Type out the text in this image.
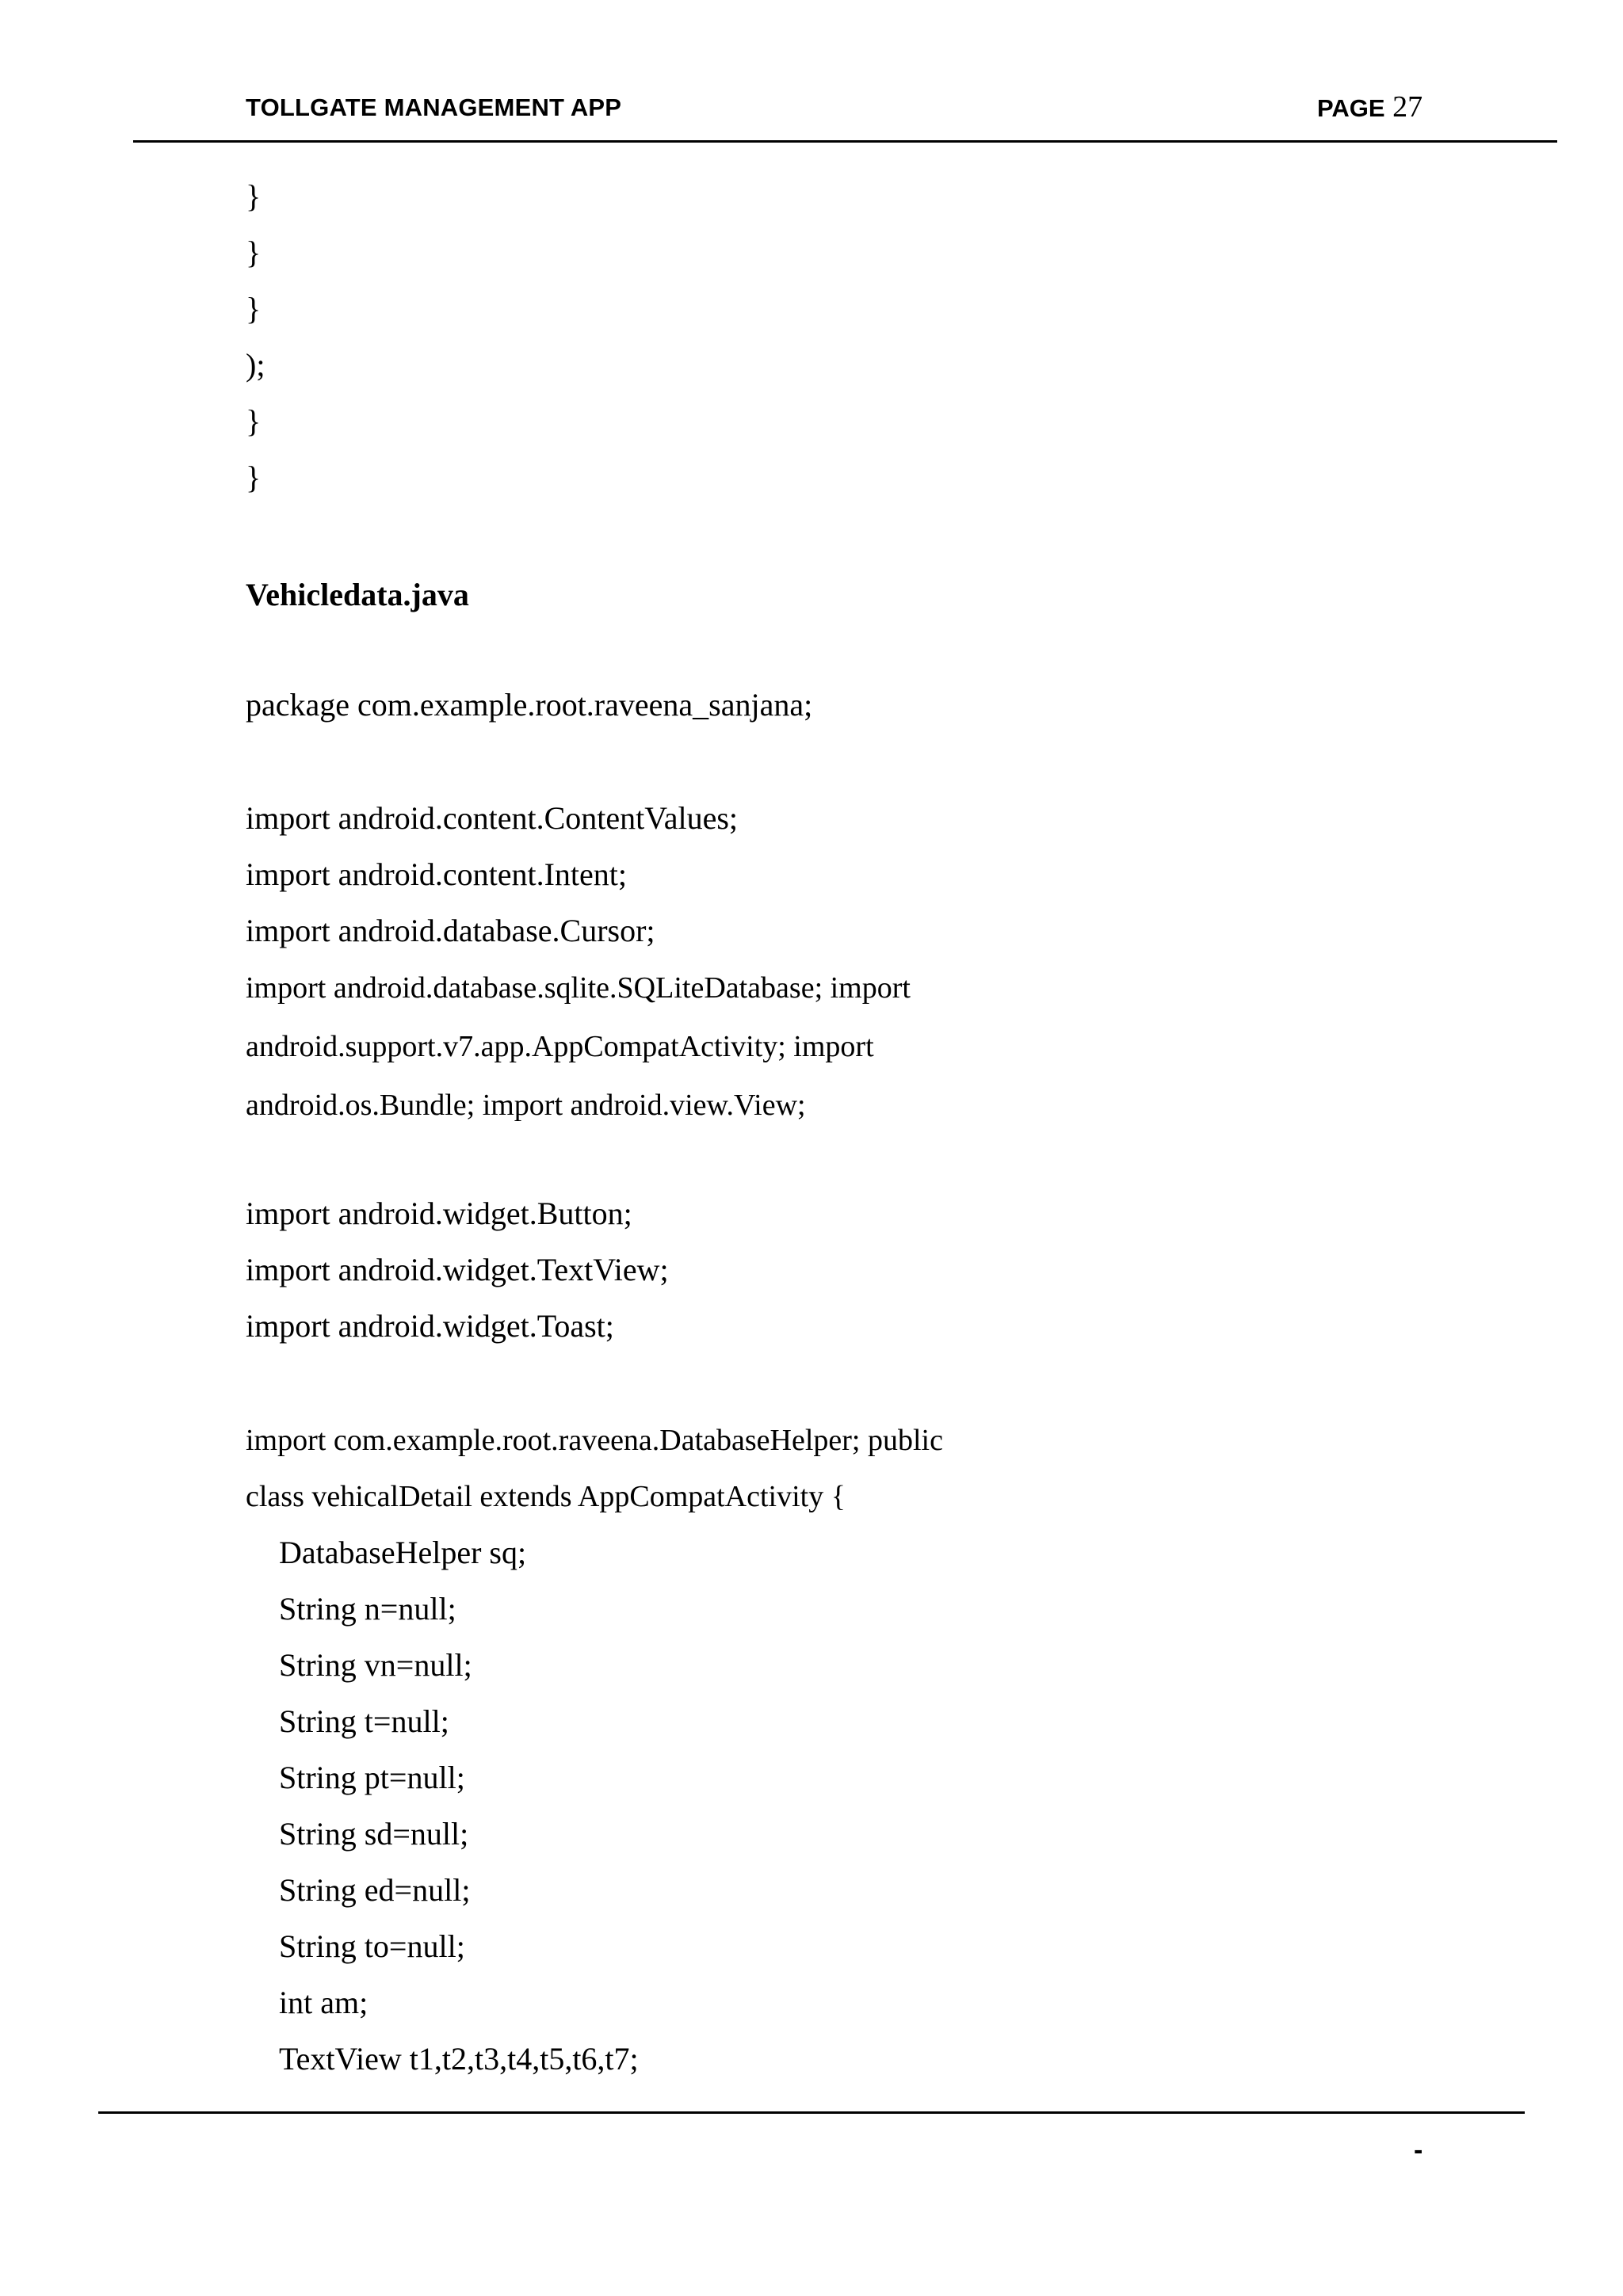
TOLLGATE MANAGEMENT APP	PAGE 27
}
}
}
);
}
}
Vehicledata.java
package com.example.root.raveena_sanjana;
import android.content.ContentValues;
import android.content.Intent;
import android.database.Cursor;
import android.database.sqlite.SQLiteDatabase; import
android.support.v7.app.AppCompatActivity; import
android.os.Bundle; import android.view.View;
import android.widget.Button;
import android.widget.TextView;
import android.widget.Toast;
import com.example.root.raveena.DatabaseHelper; public
class vehicalDetail extends AppCompatActivity {
DatabaseHelper sq;
String n=null;
String vn=null;
String t=null;
String pt=null;
String sd=null;
String ed=null;
String to=null;
int am;
TextView t1,t2,t3,t4,t5,t6,t7;
-
